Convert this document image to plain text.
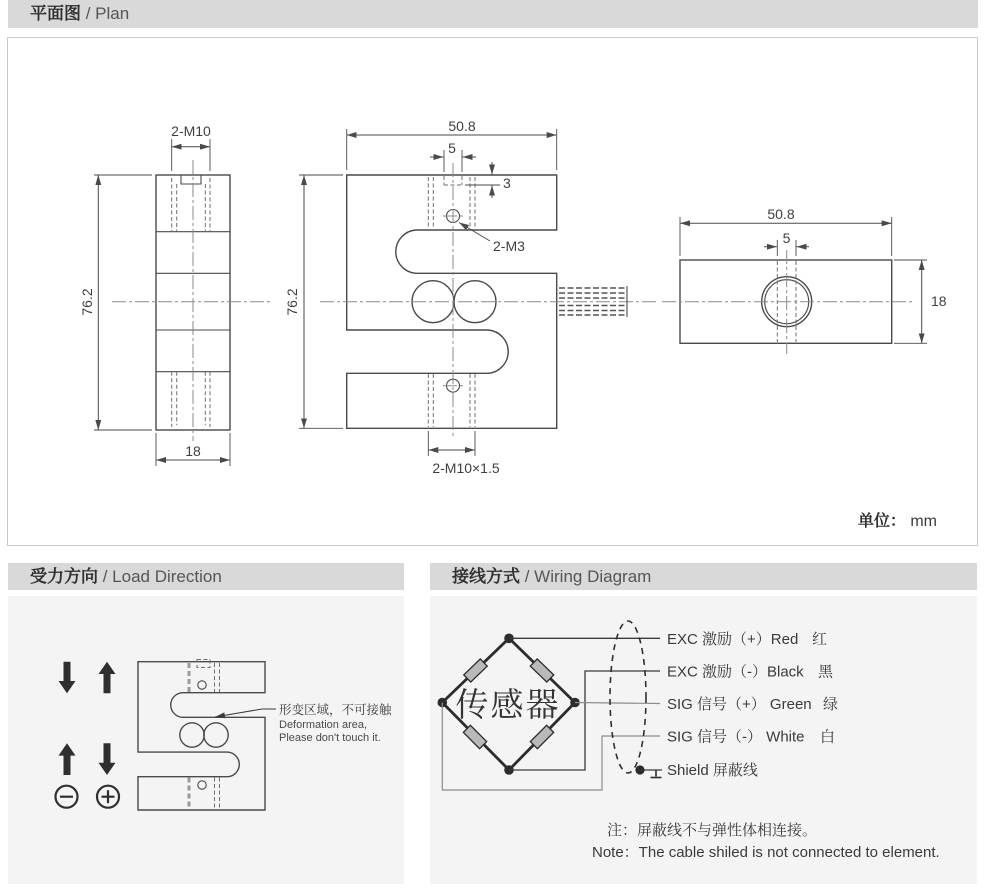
平面图 / Plan
2-M10
76.2
18
50.8
5
3
2-M3
76.2
2-M10×1.5
50.8
5
18
单位： mm
受力方向 / Load Direction
形变区域，不可接触
Deformation area,
Please don't touch it.
接线方式 / Wiring Diagram
传感器
EXC 激励（+）Red 红
EXC 激励（-）Black 黑
SIG 信号（+） Green 绿
SIG 信号（-） White 白
Shield 屏蔽线
注：屏蔽线不与弹性体相连接。
Note：The cable shiled is not connected to element.
